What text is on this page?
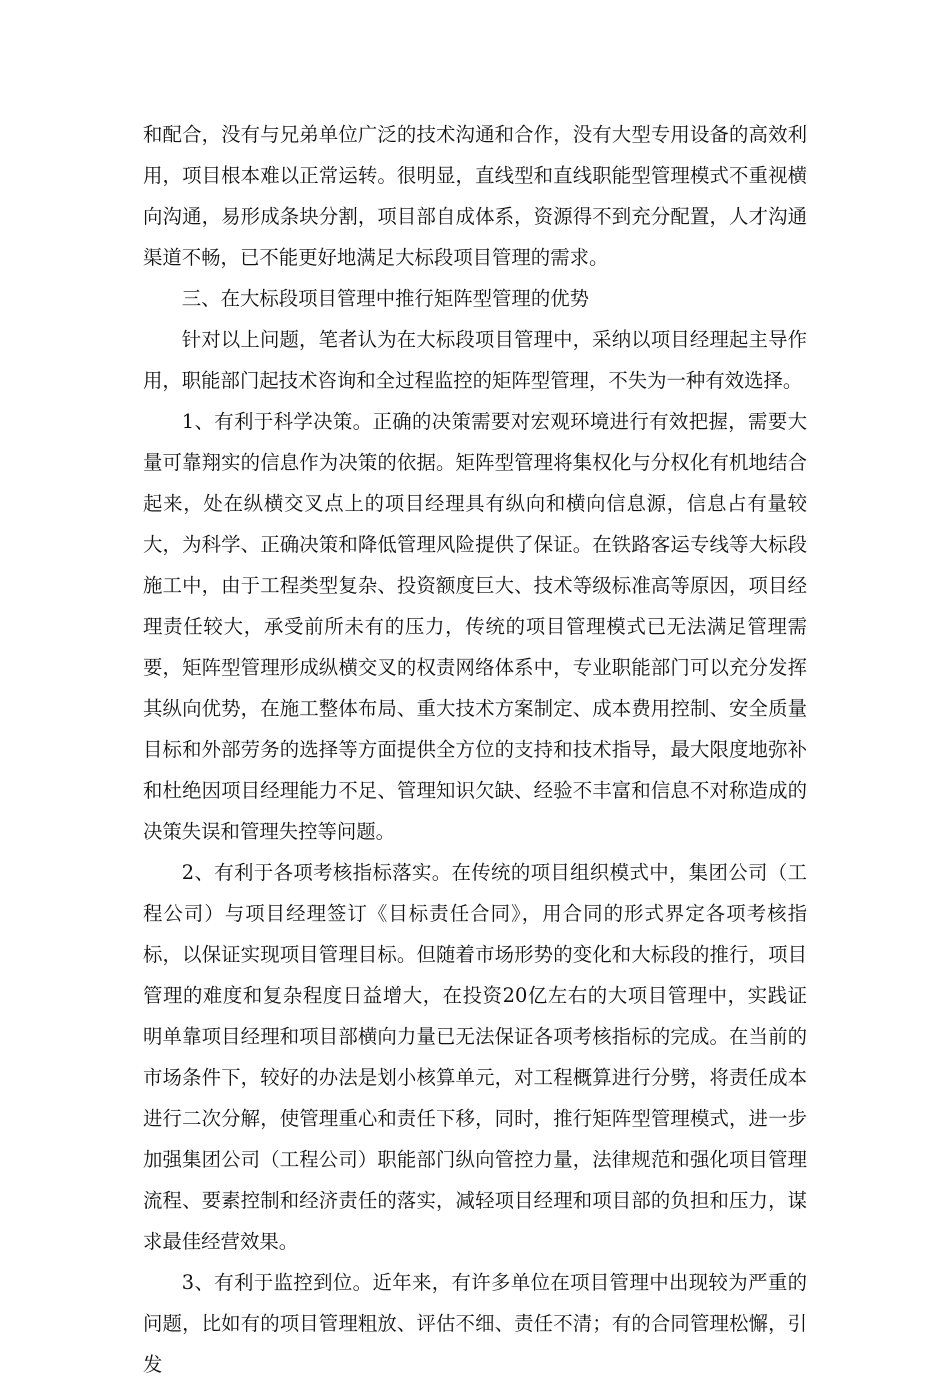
和配合，没有与兄弟单位广泛的技术沟通和合作，没有大型专用设备的高效利用，项目根本难以正常运转。很明显，直线型和直线职能型管理模式不重视横向沟通，易形成条块分割，项目部自成体系，资源得不到充分配置，人才沟通渠道不畅，已不能更好地满足大标段项目管理的需求。

三、在大标段项目管理中推行矩阵型管理的优势

针对以上问题，笔者认为在大标段项目管理中，采纳以项目经理起主导作用，职能部门起技术咨询和全过程监控的矩阵型管理，不失为一种有效选择。

1、有利于科学决策。正确的决策需要对宏观环境进行有效把握，需要大量可靠翔实的信息作为决策的依据。矩阵型管理将集权化与分权化有机地结合起来，处在纵横交叉点上的项目经理具有纵向和横向信息源，信息占有量较大，为科学、正确决策和降低管理风险提供了保证。在铁路客运专线等大标段施工中，由于工程类型复杂、投资额度巨大、技术等级标准高等原因，项目经理责任较大，承受前所未有的压力，传统的项目管理模式已无法满足管理需要，矩阵型管理形成纵横交叉的权责网络体系中，专业职能部门可以充分发挥其纵向优势，在施工整体布局、重大技术方案制定、成本费用控制、安全质量目标和外部劳务的选择等方面提供全方位的支持和技术指导，最大限度地弥补和杜绝因项目经理能力不足、管理知识欠缺、经验不丰富和信息不对称造成的决策失误和管理失控等问题。

2、有利于各项考核指标落实。在传统的项目组织模式中，集团公司（工程公司）与项目经理签订《目标责任合同》，用合同的形式界定各项考核指标，以保证实现项目管理目标。但随着市场形势的变化和大标段的推行，项目管理的难度和复杂程度日益增大，在投资20亿左右的大项目管理中，实践证明单靠项目经理和项目部横向力量已无法保证各项考核指标的完成。在当前的市场条件下，较好的办法是划小核算单元，对工程概算进行分劈，将责任成本进行二次分解，使管理重心和责任下移，同时，推行矩阵型管理模式，进一步加强集团公司（工程公司）职能部门纵向管控力量，法律规范和强化项目管理流程、要素控制和经济责任的落实，减轻项目经理和项目部的负担和压力，谋求最佳经营效果。

3、有利于监控到位。近年来，有许多单位在项目管理中出现较为严重的问题，比如有的项目管理粗放、评估不细、责任不清；有的合同管理松懈，引发
